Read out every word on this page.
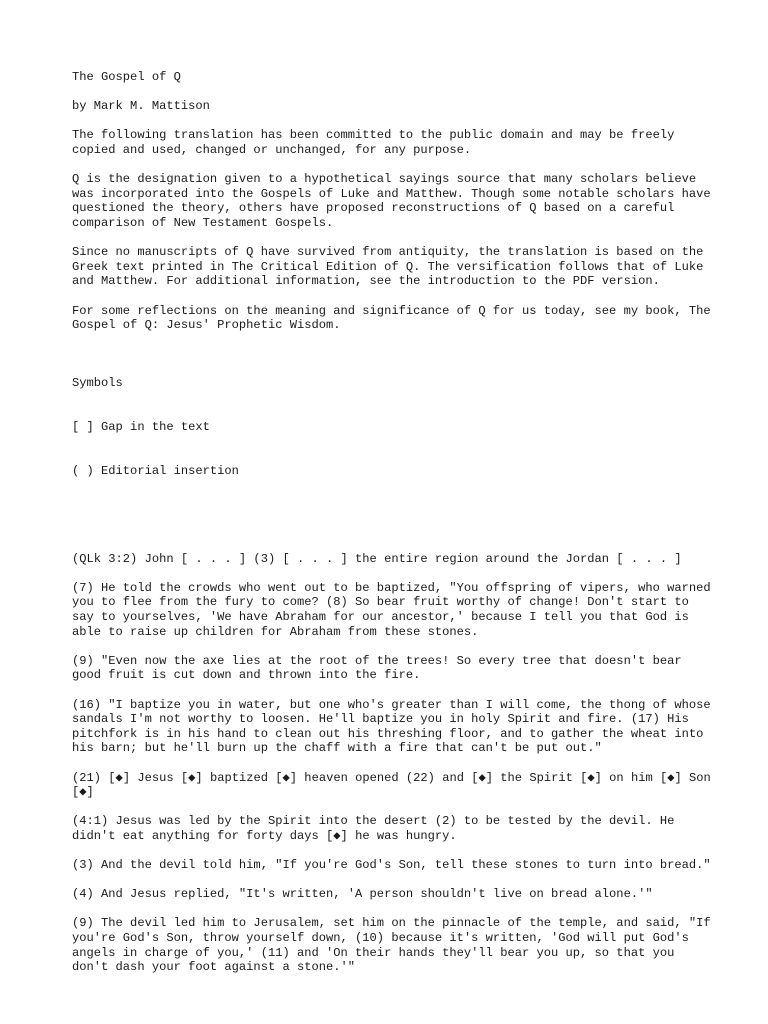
The Gospel of Q

by Mark M. Mattison

The following translation has been committed to the public domain and may be freely copied and used, changed or unchanged, for any purpose.

Q is the designation given to a hypothetical sayings source that many scholars believe was incorporated into the Gospels of Luke and Matthew. Though some notable scholars have questioned the theory, others have proposed reconstructions of Q based on a careful comparison of New Testament Gospels.

Since no manuscripts of Q have survived from antiquity, the translation is based on the Greek text printed in The Critical Edition of Q. The versification follows that of Luke and Matthew. For additional information, see the introduction to the PDF version.

For some reflections on the meaning and significance of Q for us today, see my book, The Gospel of Q: Jesus' Prophetic Wisdom.

Symbols

[ ] Gap in the text

( ) Editorial insertion

(QLk 3:2) John [ . . . ] (3) [ . . . ] the entire region around the Jordan [ . . . ]

(7) He told the crowds who went out to be baptized, "You offspring of vipers, who warned you to flee from the fury to come? (8) So bear fruit worthy of change! Don't start to say to yourselves, 'We have Abraham for our ancestor,' because I tell you that God is able to raise up children for Abraham from these stones.

(9) "Even now the axe lies at the root of the trees! So every tree that doesn't bear good fruit is cut down and thrown into the fire.

(16) "I baptize you in water, but one who's greater than I will come, the thong of whose sandals I'm not worthy to loosen. He'll baptize you in holy Spirit and fire. (17) His pitchfork is in his hand to clean out his threshing floor, and to gather the wheat into his barn; but he'll burn up the chaff with a fire that can't be put out."

(21) [◆] Jesus [◆] baptized [◆] heaven opened (22) and [◆] the Spirit [◆] on him [◆] Son [◆]

(4:1) Jesus was led by the Spirit into the desert (2) to be tested by the devil. He didn't eat anything for forty days [◆] he was hungry.

(3) And the devil told him, "If you're God's Son, tell these stones to turn into bread."

(4) And Jesus replied, "It's written, 'A person shouldn't live on bread alone.'"

(9) The devil led him to Jerusalem, set him on the pinnacle of the temple, and said, "If you're God's Son, throw yourself down, (10) because it's written, 'God will put God's angels in charge of you,' (11) and 'On their hands they'll bear you up, so that you don't dash your foot against a stone.'"
